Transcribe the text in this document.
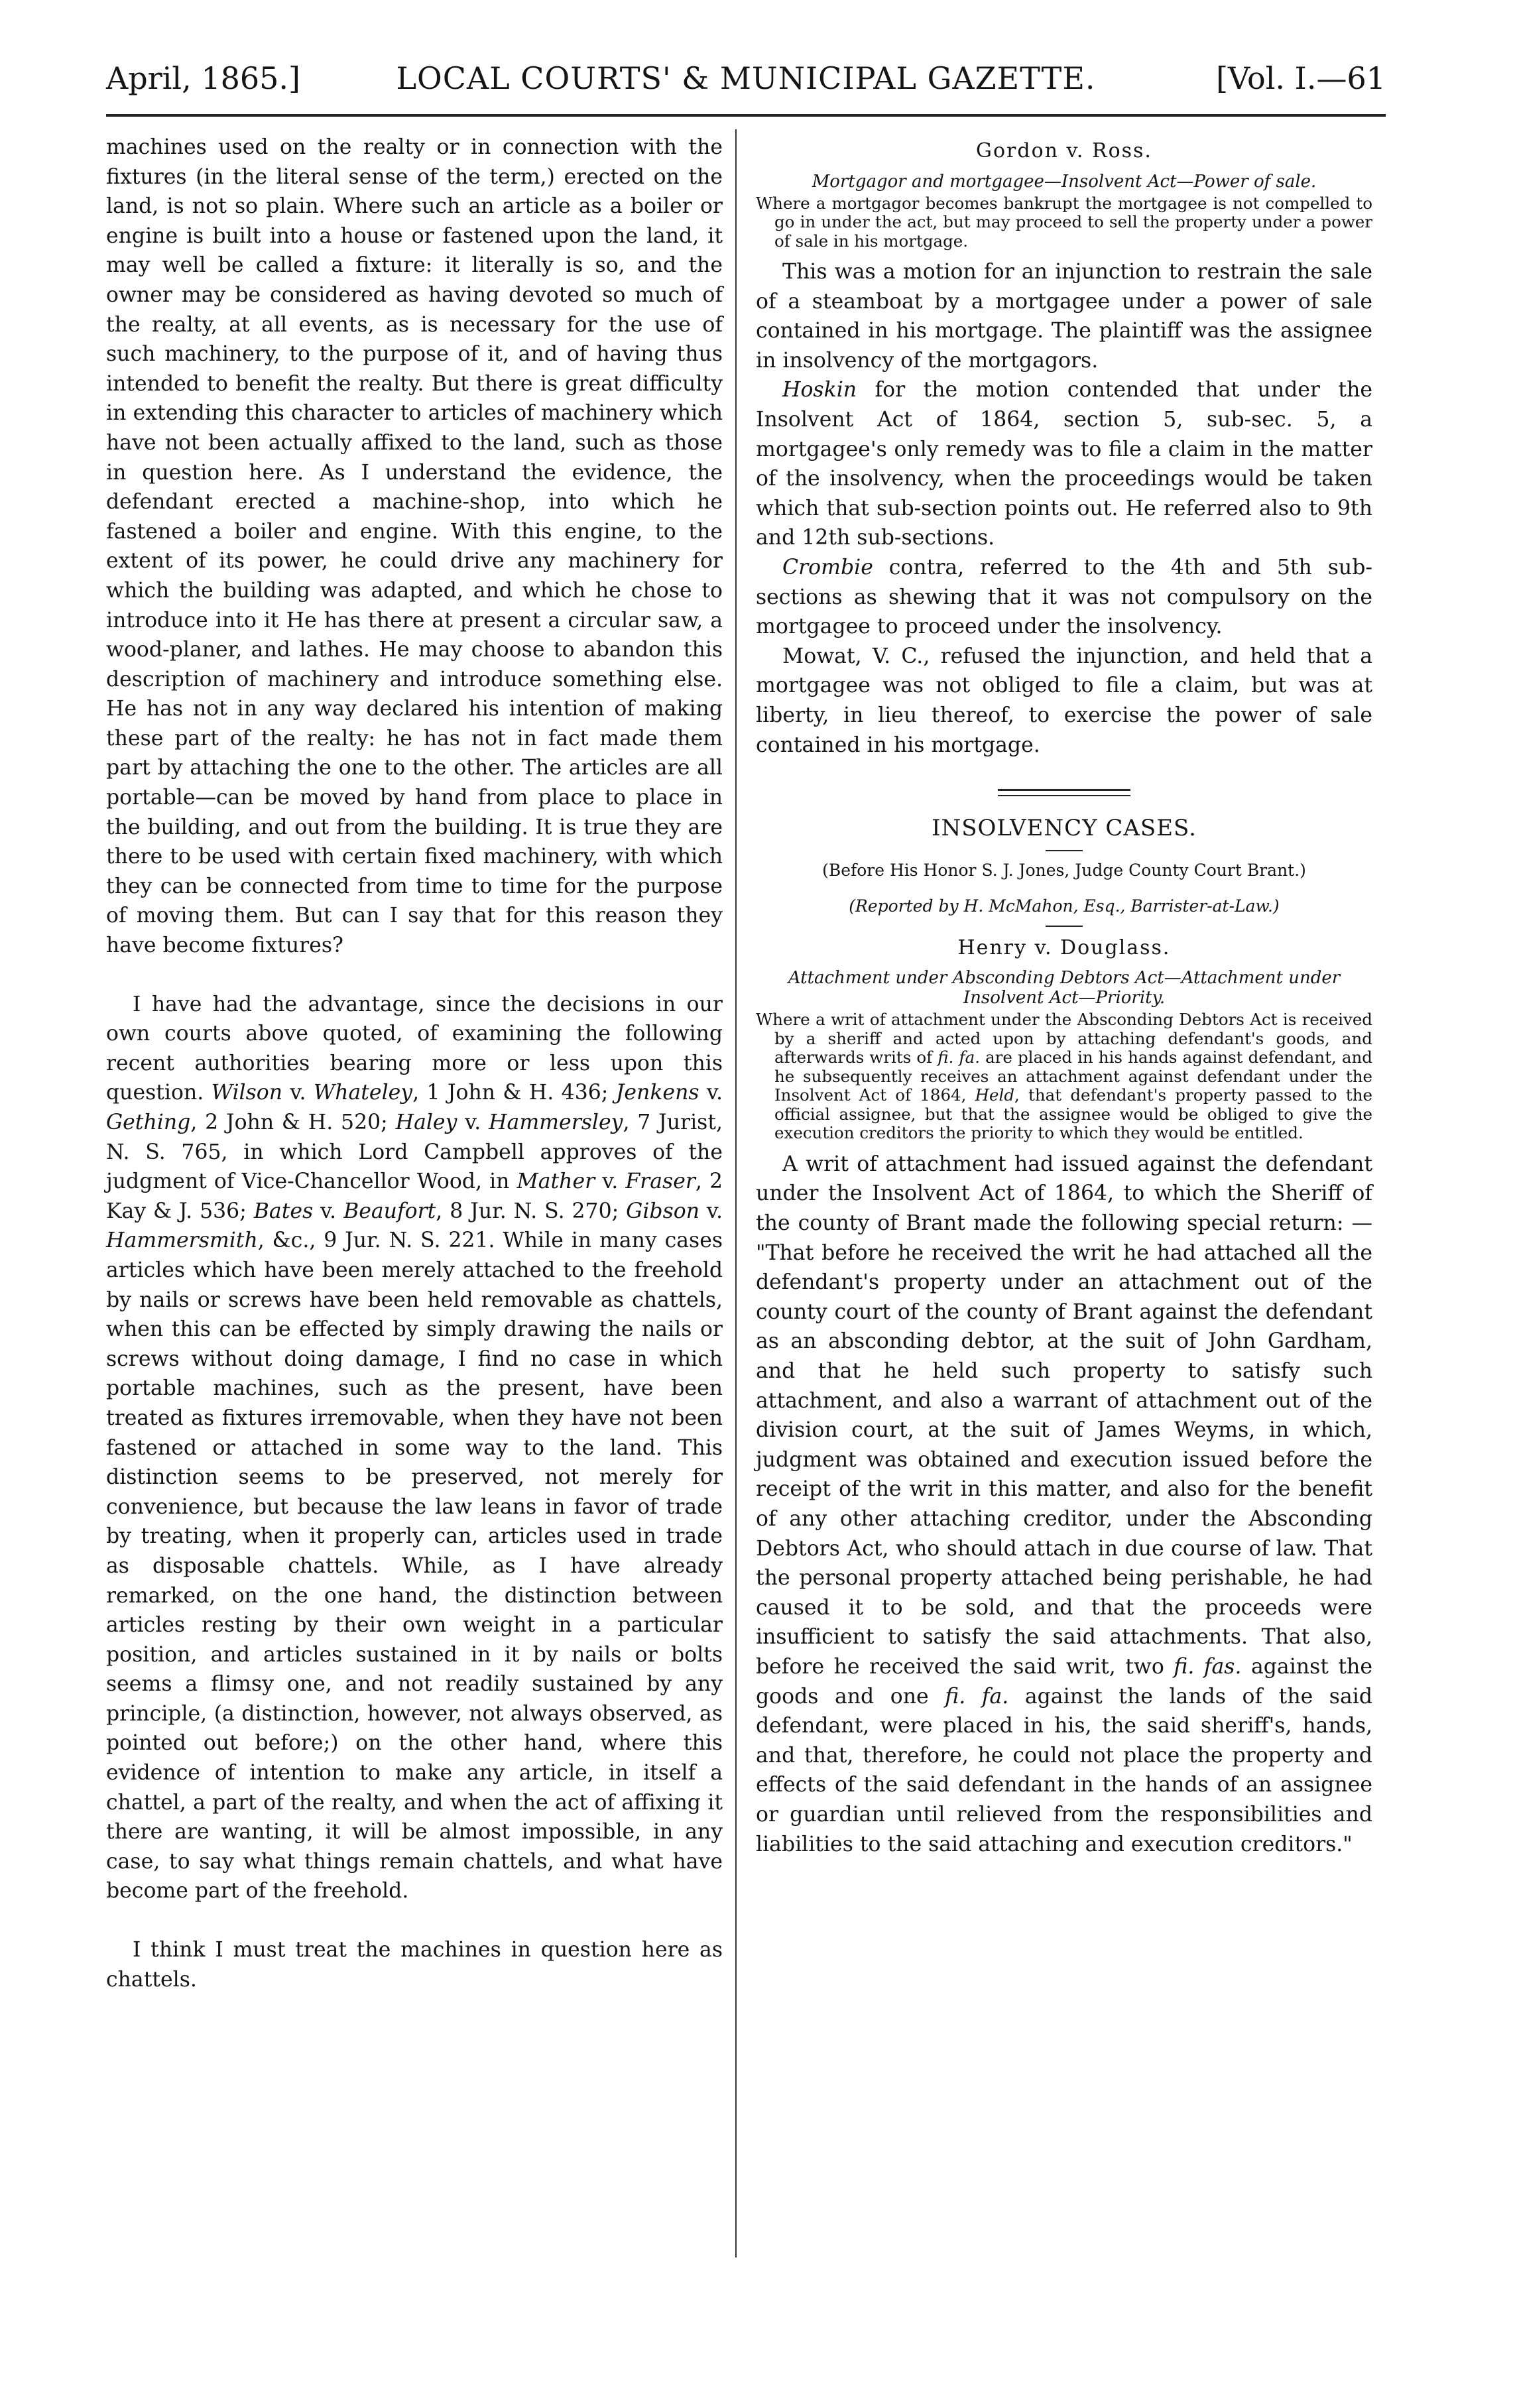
April, 1865.]	LOCAL COURTS' & MUNICIPAL GAZETTE.	[Vol. I.—61

machines used on the realty or in connection with the fixtures (in the literal sense of the term,) erected on the land, is not so plain. Where such an article as a boiler or engine is built into a house or fastened upon the land, it may well be called a fixture: it literally is so, and the owner may be considered as having devoted so much of the realty, at all events, as is necessary for the use of such machinery, to the purpose of it, and of having thus intended to benefit the realty. But there is great difficulty in extending this character to articles of machinery which have not been actually affixed to the land, such as those in question here. As I understand the evidence, the defendant erected a machine-shop, into which he fastened a boiler and engine. With this engine, to the extent of its power, he could drive any machinery for which the building was adapted, and which he chose to introduce into it He has there at present a circular saw, a wood-planer, and lathes. He may choose to abandon this description of machinery and introduce something else. He has not in any way declared his intention of making these part of the realty: he has not in fact made them part by attaching the one to the other. The articles are all portable—can be moved by hand from place to place in the building, and out from the building. It is true they are there to be used with certain fixed machinery, with which they can be connected from time to time for the purpose of moving them. But can I say that for this reason they have become fixtures?

I have had the advantage, since the decisions in our own courts above quoted, of examining the following recent authorities bearing more or less upon this question. Wilson v. Whateley, 1 John & H. 436; Jenkens v. Gething, 2 John & H. 520; Haley v. Hammersley, 7 Jurist, N. S. 765, in which Lord Campbell approves of the judgment of Vice-Chancellor Wood, in Mather v. Fraser, 2 Kay & J. 536; Bates v. Beaufort, 8 Jur. N. S. 270; Gibson v. Hammersmith, &c., 9 Jur. N. S. 221. While in many cases articles which have been merely attached to the freehold by nails or screws have been held removable as chattels, when this can be effected by simply drawing the nails or screws without doing damage, I find no case in which portable machines, such as the present, have been treated as fixtures irremovable, when they have not been fastened or attached in some way to the land. This distinction seems to be preserved, not merely for convenience, but because the law leans in favor of trade by treating, when it properly can, articles used in trade as disposable chattels. While, as I have already remarked, on the one hand, the distinction between articles resting by their own weight in a particular position, and articles sustained in it by nails or bolts seems a flimsy one, and not readily sustained by any principle, (a distinction, however, not always observed, as pointed out before;) on the other hand, where this evidence of intention to make any article, in itself a chattel, a part of the realty, and when the act of affixing it there are wanting, it will be almost impossible, in any case, to say what things remain chattels, and what have become part of the freehold.

I think I must treat the machines in question here as chattels.

Gordon v. Ross.

Mortgagor and mortgagee—Insolvent Act—Power of sale.

Where a mortgagor becomes bankrupt the mortgagee is not compelled to go in under the act, but may proceed to sell the property under a power of sale in his mortgage.

This was a motion for an injunction to restrain the sale of a steamboat by a mortgagee under a power of sale contained in his mortgage. The plaintiff was the assignee in insolvency of the mortgagors.

Hoskin for the motion contended that under the Insolvent Act of 1864, section 5, sub-sec. 5, a mortgagee's only remedy was to file a claim in the matter of the insolvency, when the proceedings would be taken which that sub-section points out. He referred also to 9th and 12th sub-sections.

Crombie contra, referred to the 4th and 5th sub-sections as shewing that it was not compulsory on the mortgagee to proceed under the insolvency.

Mowat, V. C., refused the injunction, and held that a mortgagee was not obliged to file a claim, but was at liberty, in lieu thereof, to exercise the power of sale contained in his mortgage.

INSOLVENCY CASES.

(Before His Honor S. J. Jones, Judge County Court Brant.)

(Reported by H. McMahon, Esq., Barrister-at-Law.)

Henry v. Douglass.

Attachment under Absconding Debtors Act—Attachment under Insolvent Act—Priority.

Where a writ of attachment under the Absconding Debtors Act is received by a sheriff and acted upon by attaching defendant's goods, and afterwards writs of fi. fa. are placed in his hands against defendant, and he subsequently receives an attachment against defendant under the Insolvent Act of 1864, Held, that defendant's property passed to the official assignee, but that the assignee would be obliged to give the execution creditors the priority to which they would be entitled.

A writ of attachment had issued against the defendant under the Insolvent Act of 1864, to which the Sheriff of the county of Brant made the following special return: — "That before he received the writ he had attached all the defendant's property under an attachment out of the county court of the county of Brant against the defendant as an absconding debtor, at the suit of John Gardham, and that he held such property to satisfy such attachment, and also a warrant of attachment out of the division court, at the suit of James Weyms, in which, judgment was obtained and execution issued before the receipt of the writ in this matter, and also for the benefit of any other attaching creditor, under the Absconding Debtors Act, who should attach in due course of law. That the personal property attached being perishable, he had caused it to be sold, and that the proceeds were insufficient to satisfy the said attachments. That also, before he received the said writ, two fi. fas. against the goods and one fi. fa. against the lands of the said defendant, were placed in his, the said sheriff's, hands, and that, therefore, he could not place the property and effects of the said defendant in the hands of an assignee or guardian until relieved from the responsibilities and liabilities to the said attaching and execution creditors."
